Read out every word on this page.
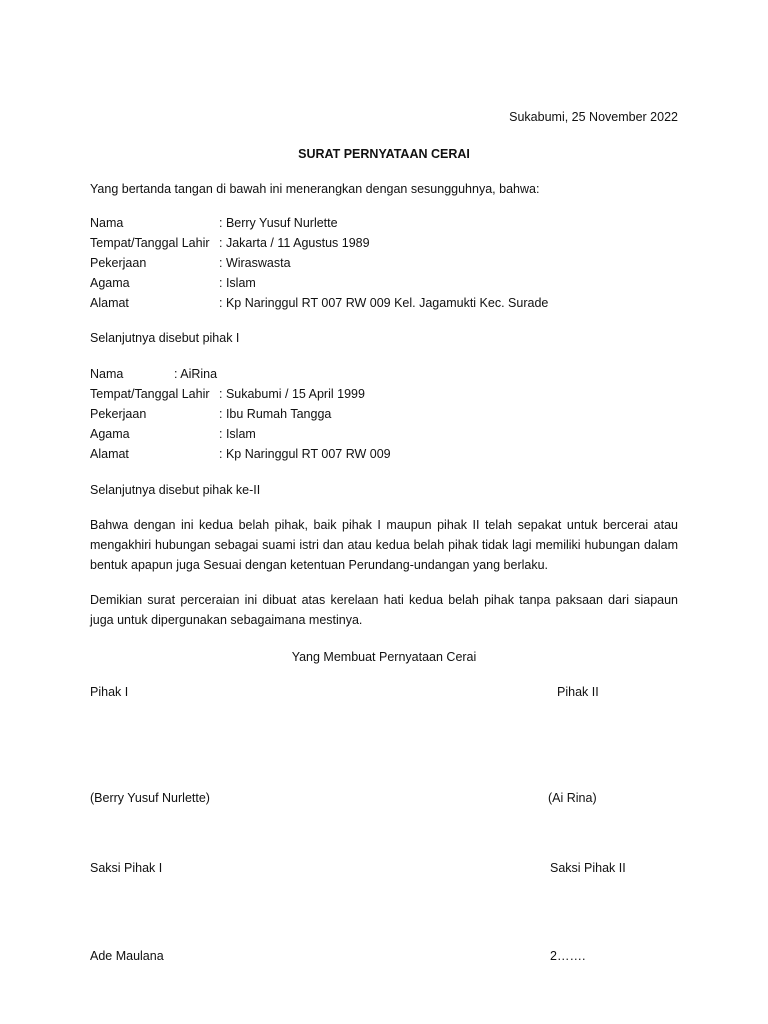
Sukabumi, 25 November 2022
SURAT PERNYATAAN CERAI
Yang bertanda tangan di bawah ini menerangkan dengan sesungguhnya, bahwa:
Nama	: Berry Yusuf Nurlette
Tempat/Tanggal Lahir : Jakarta / 11 Agustus 1989
Pekerjaan	: Wiraswasta
Agama	: Islam
Alamat	: Kp Naringgul RT 007 RW 009 Kel. Jagamukti Kec. Surade
Selanjutnya disebut pihak I
Nama	: AiRina
Tempat/Tanggal Lahir : Sukabumi / 15 April 1999
Pekerjaan	: Ibu Rumah Tangga
Agama	: Islam
Alamat	: Kp Naringgul RT 007 RW 009
Selanjutnya disebut pihak ke-II
Bahwa dengan ini kedua belah pihak, baik pihak I maupun pihak II telah sepakat untuk bercerai atau mengakhiri hubungan sebagai suami istri dan atau kedua belah pihak tidak lagi memiliki hubungan dalam bentuk apapun juga Sesuai dengan ketentuan Perundang-undangan yang berlaku.
Demikian surat perceraian ini dibuat atas kerelaan hati kedua belah pihak tanpa paksaan dari siapaun juga untuk dipergunakan sebagaimana mestinya.
Yang Membuat Pernyataan Cerai
Pihak I	Pihak II
(Berry Yusuf Nurlette)	(Ai Rina)
Saksi Pihak I	Saksi Pihak II
Ade Maulana	2…….
